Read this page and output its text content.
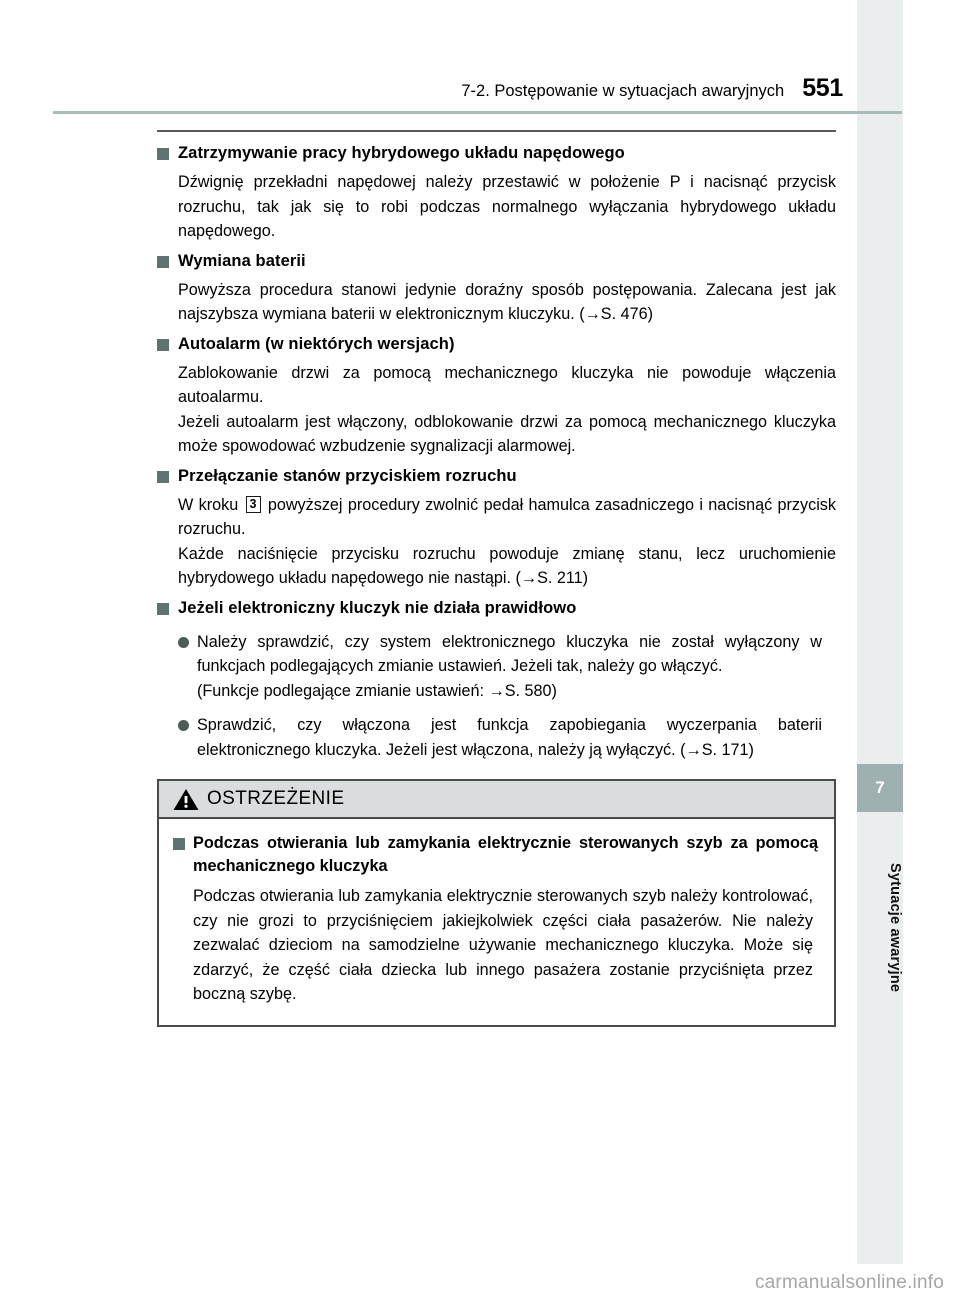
7
Sytuacje awaryjne
7-2. Postępowanie w sytuacjach awaryjnych 551
Zatrzymywanie pracy hybrydowego układu napędowego
Dźwignię przekładni napędowej należy przestawić w położenie P i nacisnąć przycisk rozruchu, tak jak się to robi podczas normalnego wyłączania hybrydowego układu napędowego.
Wymiana baterii
Powyższa procedura stanowi jedynie doraźny sposób postępowania. Zalecana jest jak najszybsza wymiana baterii w elektronicznym kluczyku. (→S. 476)
Autoalarm (w niektórych wersjach)
Zablokowanie drzwi za pomocą mechanicznego kluczyka nie powoduje włączenia autoalarmu.
Jeżeli autoalarm jest włączony, odblokowanie drzwi za pomocą mechanicznego kluczyka może spowodować wzbudzenie sygnalizacji alarmowej.
Przełączanie stanów przyciskiem rozruchu
W kroku 3 powyższej procedury zwolnić pedał hamulca zasadniczego i nacisnąć przycisk rozruchu.
Każde naciśnięcie przycisku rozruchu powoduje zmianę stanu, lecz uruchomienie hybrydowego układu napędowego nie nastąpi. (→S. 211)
Jeżeli elektroniczny kluczyk nie działa prawidłowo
Należy sprawdzić, czy system elektronicznego kluczyka nie został wyłączony w funkcjach podlegających zmianie ustawień. Jeżeli tak, należy go włączyć.
(Funkcje podlegające zmianie ustawień: →S. 580)
Sprawdzić, czy włączona jest funkcja zapobiegania wyczerpania baterii elektronicznego kluczyka. Jeżeli jest włączona, należy ją wyłączyć. (→S. 171)
OSTRZEŻENIE
Podczas otwierania lub zamykania elektrycznie sterowanych szyb za pomocą mechanicznego kluczyka
Podczas otwierania lub zamykania elektrycznie sterowanych szyb należy kontrolować, czy nie grozi to przyciśnięciem jakiejkolwiek części ciała pasażerów. Nie należy zezwalać dzieciom na samodzielne używanie mechanicznego kluczyka. Może się zdarzyć, że część ciała dziecka lub innego pasażera zostanie przyciśnięta przez boczną szybę.
carmanualsonline.info
